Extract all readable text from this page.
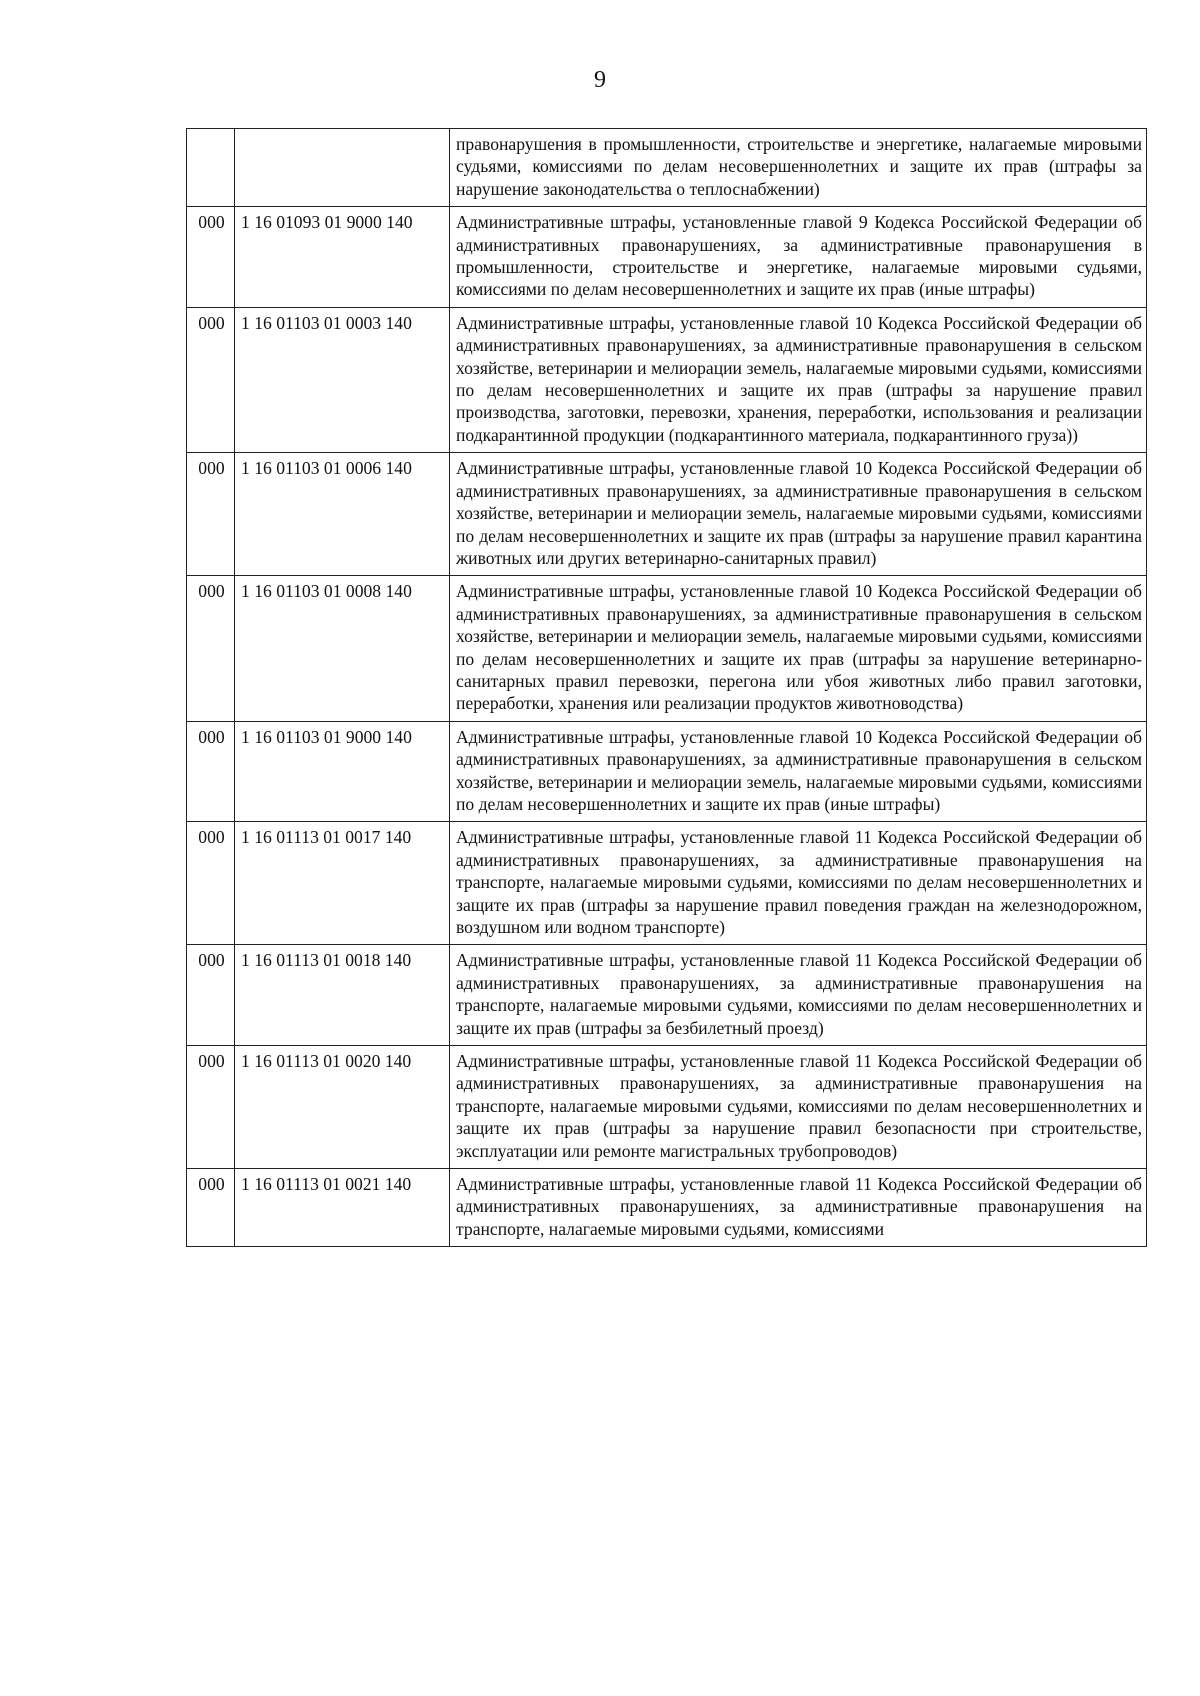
9
		правонарушения в промышленности, строительстве и энергетике, налагаемые мировыми судьями, комиссиями по делам несовершеннолетних и защите их прав (штрафы за нарушение законодательства о теплоснабжении)
000	1 16 01093 01 9000 140	Административные штрафы, установленные главой 9 Кодекса Российской Федерации об административных правонарушениях, за административные правонарушения в промышленности, строительстве и энергетике, налагаемые мировыми судьями, комиссиями по делам несовершеннолетних и защите их прав (иные штрафы)
000	1 16 01103 01 0003 140	Административные штрафы, установленные главой 10 Кодекса Российской Федерации об административных правонарушениях, за административные правонарушения в сельском хозяйстве, ветеринарии и мелиорации земель, налагаемые мировыми судьями, комиссиями по делам несовершеннолетних и защите их прав (штрафы за нарушение правил производства, заготовки, перевозки, хранения, переработки, использования и реализации подкарантинной продукции (подкарантинного материала, подкарантинного груза))
000	1 16 01103 01 0006 140	Административные штрафы, установленные главой 10 Кодекса Российской Федерации об административных правонарушениях, за административные правонарушения в сельском хозяйстве, ветеринарии и мелиорации земель, налагаемые мировыми судьями, комиссиями по делам несовершеннолетних и защите их прав (штрафы за нарушение правил карантина животных или других ветеринарно-санитарных правил)
000	1 16 01103 01 0008 140	Административные штрафы, установленные главой 10 Кодекса Российской Федерации об административных правонарушениях, за административные правонарушения в сельском хозяйстве, ветеринарии и мелиорации земель, налагаемые мировыми судьями, комиссиями по делам несовершеннолетних и защите их прав (штрафы за нарушение ветеринарно-санитарных правил перевозки, перегона или убоя животных либо правил заготовки, переработки, хранения или реализации продуктов животноводства)
000	1 16 01103 01 9000 140	Административные штрафы, установленные главой 10 Кодекса Российской Федерации об административных правонарушениях, за административные правонарушения в сельском хозяйстве, ветеринарии и мелиорации земель, налагаемые мировыми судьями, комиссиями по делам несовершеннолетних и защите их прав (иные штрафы)
000	1 16 01113 01 0017 140	Административные штрафы, установленные главой 11 Кодекса Российской Федерации об административных правонарушениях, за административные правонарушения на транспорте, налагаемые мировыми судьями, комиссиями по делам несовершеннолетних и защите их прав (штрафы за нарушение правил поведения граждан на железнодорожном, воздушном или водном транспорте)
000	1 16 01113 01 0018 140	Административные штрафы, установленные главой 11 Кодекса Российской Федерации об административных правонарушениях, за административные правонарушения на транспорте, налагаемые мировыми судьями, комиссиями по делам несовершеннолетних и защите их прав (штрафы за безбилетный проезд)
000	1 16 01113 01 0020 140	Административные штрафы, установленные главой 11 Кодекса Российской Федерации об административных правонарушениях, за административные правонарушения на транспорте, налагаемые мировыми судьями, комиссиями по делам несовершеннолетних и защите их прав (штрафы за нарушение правил безопасности при строительстве, эксплуатации или ремонте магистральных трубопроводов)
000	1 16 01113 01 0021 140	Административные штрафы, установленные главой 11 Кодекса Российской Федерации об административных правонарушениях, за административные правонарушения на транспорте, налагаемые мировыми судьями, комиссиями
